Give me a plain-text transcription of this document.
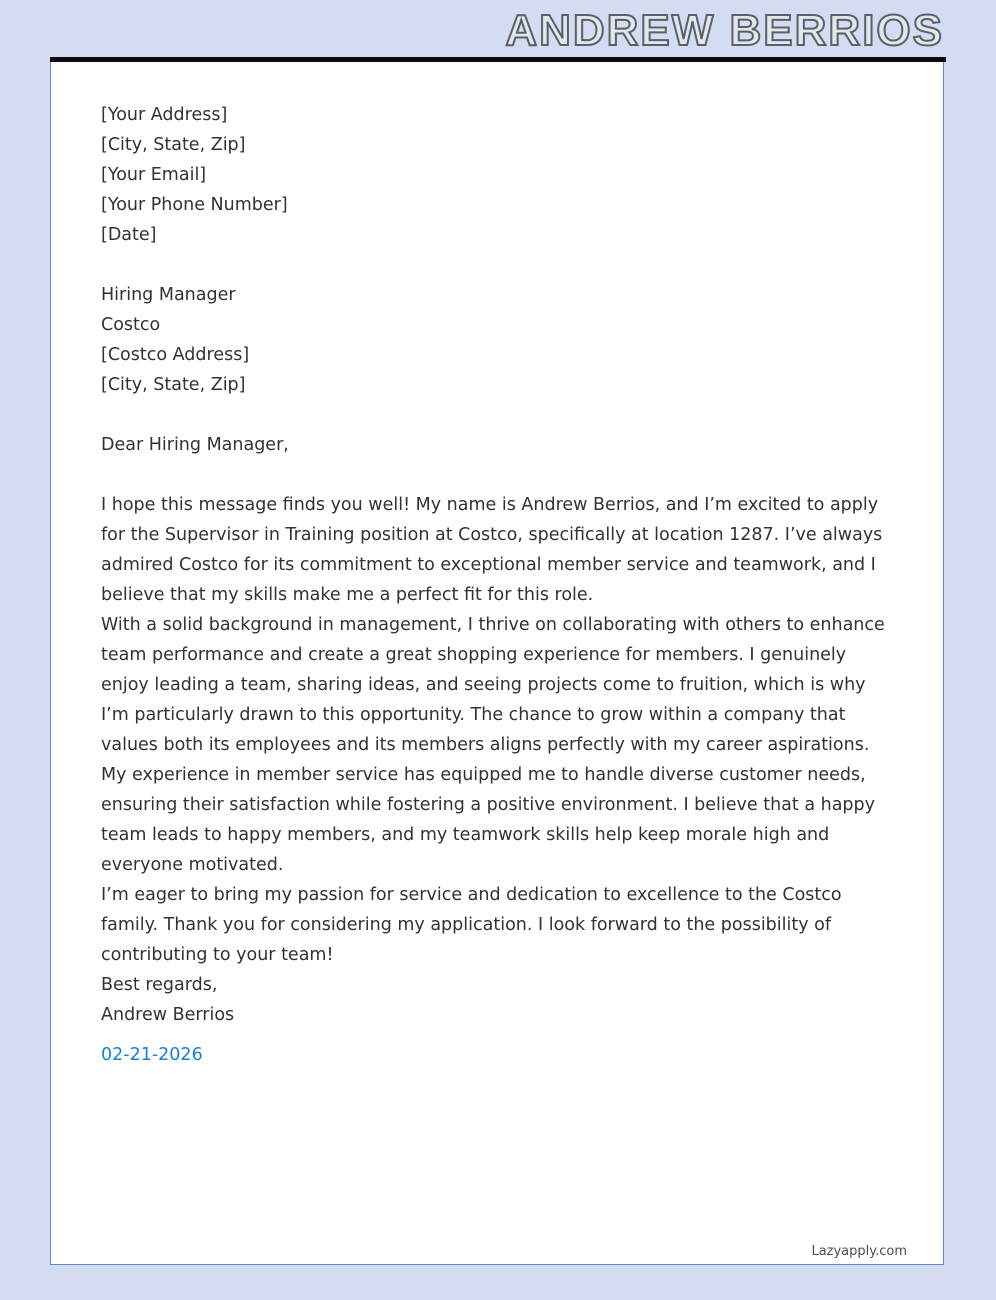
ANDREW BERRIOS
[Your Address]
[City, State, Zip]
[Your Email]
[Your Phone Number]
[Date]
Hiring Manager
Costco
[Costco Address]
[City, State, Zip]
Dear Hiring Manager,

I hope this message finds you well! My name is Andrew Berrios, and I’m excited to apply for the Supervisor in Training position at Costco, specifically at location 1287. I’ve always admired Costco for its commitment to exceptional member service and teamwork, and I believe that my skills make me a perfect fit for this role.

With a solid background in management, I thrive on collaborating with others to enhance team performance and create a great shopping experience for members. I genuinely enjoy leading a team, sharing ideas, and seeing projects come to fruition, which is why I’m particularly drawn to this opportunity. The chance to grow within a company that values both its employees and its members aligns perfectly with my career aspirations.

My experience in member service has equipped me to handle diverse customer needs, ensuring their satisfaction while fostering a positive environment. I believe that a happy team leads to happy members, and my teamwork skills help keep morale high and everyone motivated.

I’m eager to bring my passion for service and dedication to excellence to the Costco family. Thank you for considering my application. I look forward to the possibility of contributing to your team!

Best regards,
Andrew Berrios
02-21-2026
Lazyapply.com
